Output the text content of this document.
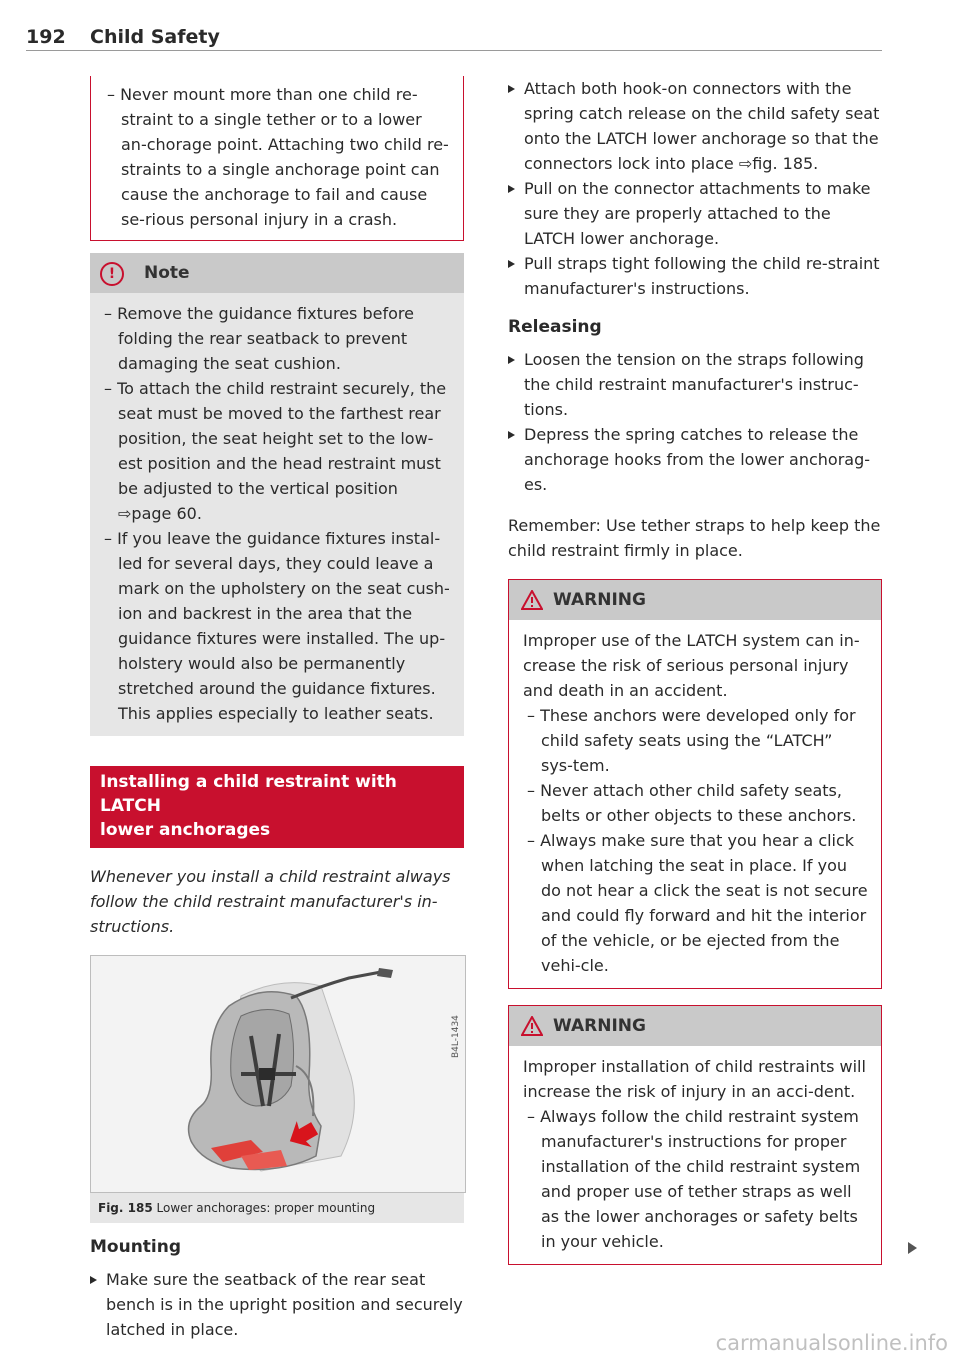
192 Child Safety

– Never mount more than one child re-straint to a single tether or to a lower an-chorage point. Attaching two child re-straints to a single anchorage point can cause the anchorage to fail and cause se-rious personal injury in a crash.

!	Note

– Remove the guidance fixtures before folding the rear seatback to prevent damaging the seat cushion.

– To attach the child restraint securely, the seat must be moved to the farthest rear position, the seat height set to the low-est position and the head restraint must be adjusted to the vertical position ⇨page 60.

– If you leave the guidance fixtures instal-led for several days, they could leave a mark on the upholstery on the seat cush-ion and backrest in the area that the guidance fixtures were installed. The up-holstery would also be permanently stretched around the guidance fixtures. This applies especially to leather seats.

Installing a child restraint with LATCH
lower anchorages

Whenever you install a child restraint always follow the child restraint manufacturer's in-structions.

B4L-1434
Fig. 185 Lower anchorages: proper mounting
Mounting
Make sure the seatback of the rear seat bench is in the upright position and securely latched in place.
Attach both hook-on connectors with the spring catch release on the child safety seat onto the LATCH lower anchorage so that the connectors lock into place ⇨fig. 185.
Pull on the connector attachments to make sure they are properly attached to the LATCH lower anchorage.
Pull straps tight following the child re-straint manufacturer's instructions.
Releasing
Loosen the tension on the straps following the child restraint manufacturer's instruc-tions.
Depress the spring catches to release the anchorage hooks from the lower anchorag-es.

Remember: Use tether straps to help keep the child restraint firmly in place.

WARNING

Improper use of the LATCH system can in-crease the risk of serious personal injury and death in an accident.

– These anchors were developed only for child safety seats using the “LATCH” sys-tem.

– Never attach other child safety seats, belts or other objects to these anchors.

– Always make sure that you hear a click when latching the seat in place. If you do not hear a click the seat is not secure and could fly forward and hit the interior of the vehicle, or be ejected from the vehi-cle.

WARNING

Improper installation of child restraints will increase the risk of injury in an acci-dent.

– Always follow the child restraint system manufacturer's instructions for proper installation of the child restraint system and proper use of tether straps as well as the lower anchorages or safety belts in your vehicle.

carmanualsonline.info
